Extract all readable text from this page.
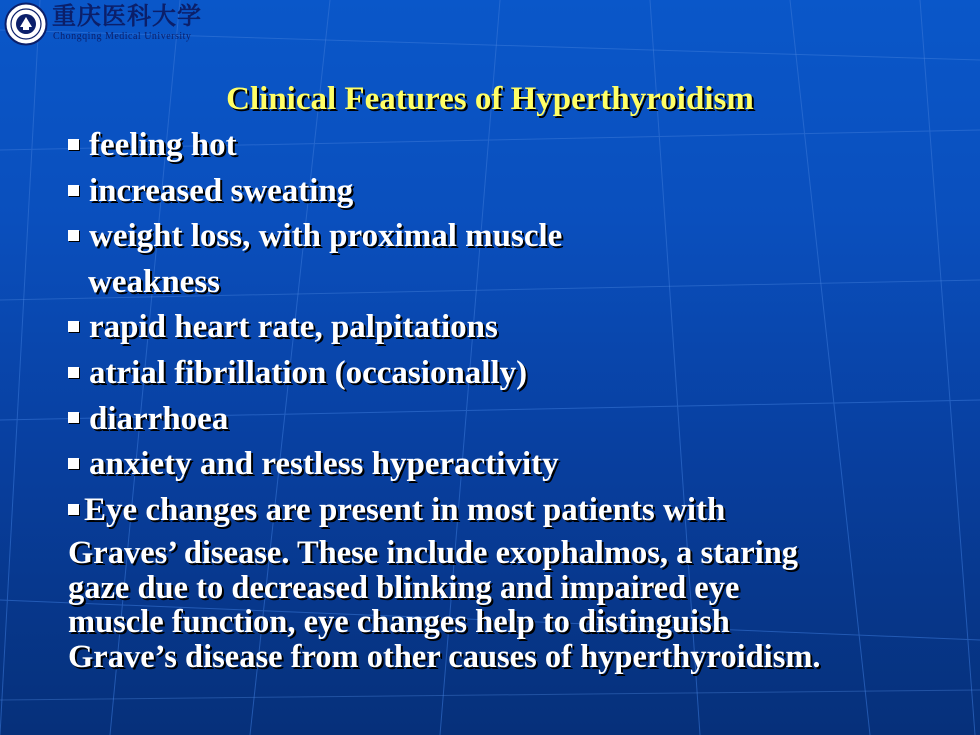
重庆医科大学
Chongqing Medical University
Clinical Features of Hyperthyroidism
feeling hot
increased sweating
weight loss, with proximal muscle
weakness
rapid heart rate, palpitations
atrial fibrillation (occasionally)
diarrhoea
anxiety and restless hyperactivity
Eye changes are present in most patients with
Graves’ disease. These include exophalmos, a staring
gaze due to decreased blinking and impaired eye
muscle function, eye changes help to distinguish
Grave’s disease from other causes of hyperthyroidism.
